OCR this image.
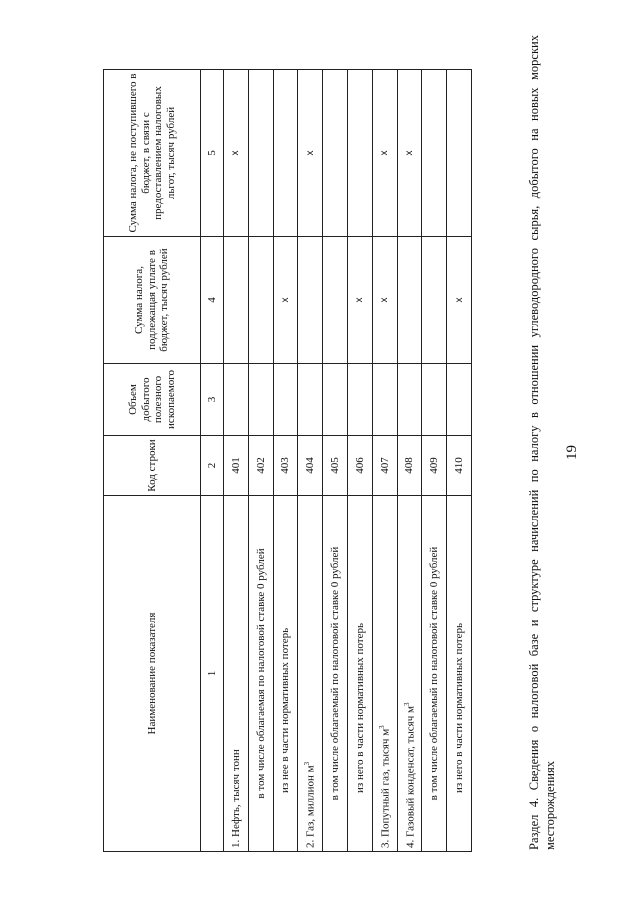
19
Раздел 4. Сведения о налоговой базе и структуре начислений по налогу в отношении углеводородного сырья, добытого на новых морских месторождениях
Наименование показателя	Код строки	Объем добытого полезного ископаемого	Сумма налога, подлежащая уплате в бюджет, тысяч рублей	Сумма налога, не поступившего в бюджет, в связи с предоставлением налоговых льгот, тысяч рублей
1	2	3	4	5
1. Нефть, тысяч тонн	401			х
в том числе облагаемая по налоговой ставке 0 рублей	402			
из нее в части нормативных потерь	403		х	
2. Газ, миллион $м^3$	404			х
в том числе облагаемый по налоговой ставке 0 рублей	405			
из него в части нормативных потерь	406		х	
3. Попутный газ, тысяч $м^3$	407		х	х
4. Газовый конденсат, тысяч $м^3$	408			х
в том числе облагаемый по налоговой ставке 0 рублей	409			
из него в части нормативных потерь	410		х	
